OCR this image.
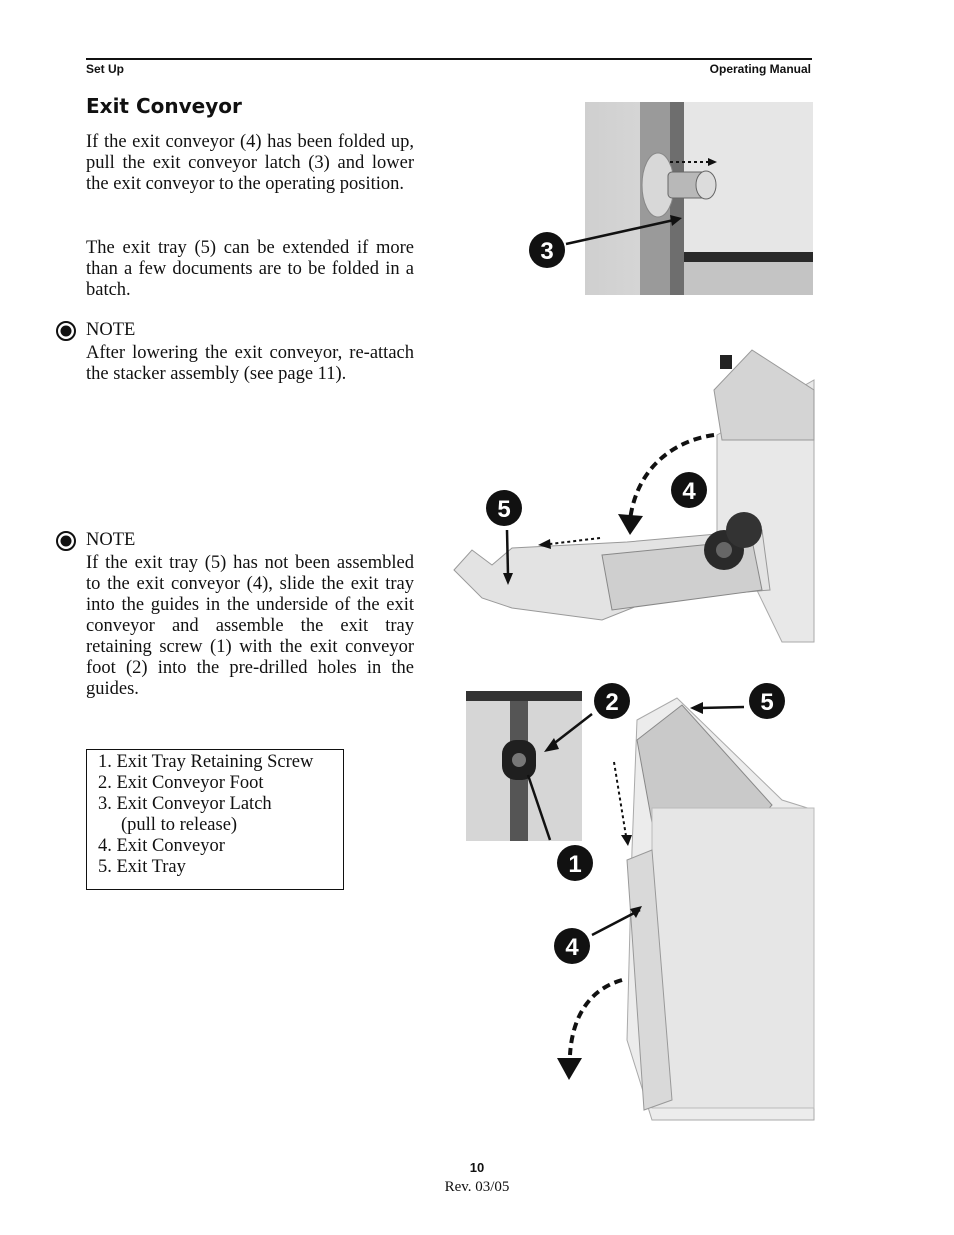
Set Up	Operating Manual
Exit Conveyor

If the exit conveyor (4) has been folded up, pull the exit conveyor latch (3) and lower the exit conveyor to the operating position.

The exit tray (5) can be extended if more than a few documents are to be folded in a batch.

NOTE

After lowering the exit conveyor, re-attach the stacker assembly (see page 11).

NOTE

If the exit tray (5) has not been assembled to the exit conveyor (4), slide the exit tray into the guides in the underside of the exit conveyor and assemble the exit tray retaining screw (1) with the exit conveyor foot (2) into the pre-drilled holes in the guides.

1. Exit Tray Retaining Screw
2. Exit Conveyor Foot
3. Exit Conveyor Latch
(pull to release)
4. Exit Conveyor
5. Exit Tray
3
5
4
2	5
1
4
10
Rev. 03/05
